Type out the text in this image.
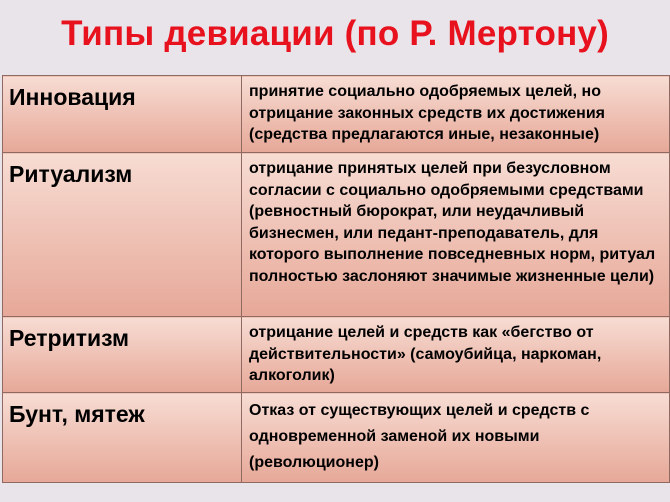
Типы девиации (по Р. Мертону)
Инновация	принятие социально одобряемых целей, но отрицание законных средств их достижения (средства предлагаются иные, незаконные)
Ритуализм	отрицание принятых целей при безусловном согласии с социально одобряемыми средствами (ревностный бюрократ, или неудачливый бизнесмен, или педант-преподаватель, для которого выполнение повседневных норм, ритуал полностью заслоняют значимые жизненные цели)
Ретритизм	отрицание целей и средств как «бегство от действительности» (самоубийца, наркоман, алкоголик)
Бунт, мятеж	Отказ от существующих целей и средств с одновременной заменой их новыми (революционер)
